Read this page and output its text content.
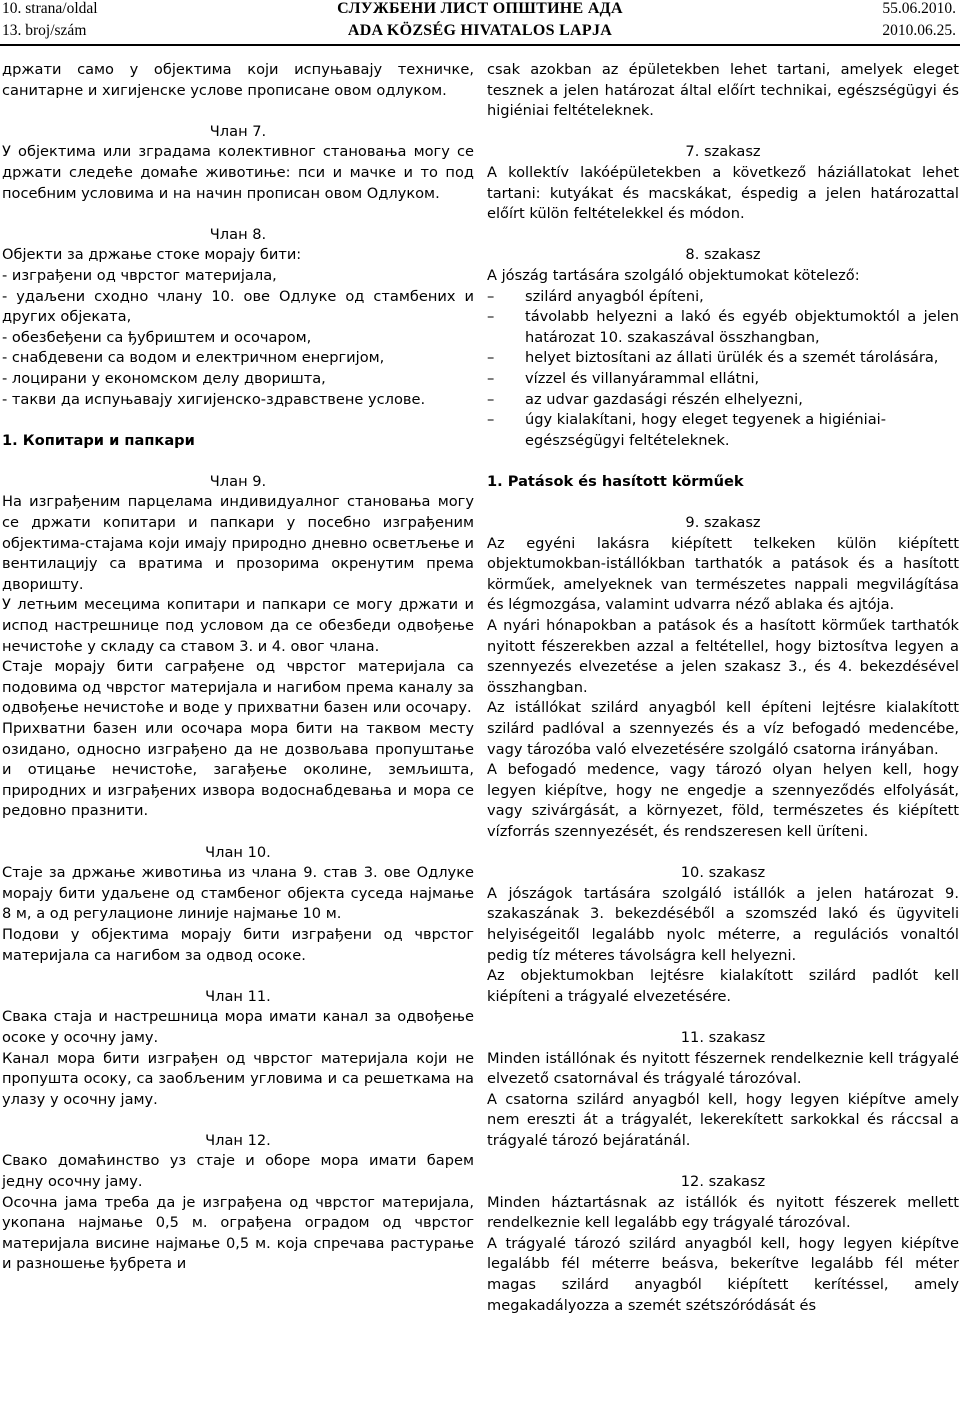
10. strana/oldal
13. broj/szám
СЛУЖБЕНИ ЛИСТ ОПШТИНЕ АДА
ADA KÖZSÉG HIVATALOS LAPJA
55.06.2010.
2010.06.25.

држати само у објектима који испуњавају техничке, санитарне и хигијенске услове прописане овом одлуком.

Члан 7.

У објектима или зградама колективног становања могу се држати следеће домаће животиње: пси и мачке и то под посебним условима и на начин прописан овом Одлуком.

Члан 8.

Објекти за држање стоке морају бити:

- изграђени од чврстог материјала,

- удаљени сходно члану 10. ове Одлуке од стамбених и других објеката,

- обезбеђени са ђубриштем и осочаром,

- снабдевени са водом и електричном енергијом,

- лоцирани у економском делу дворишта,

- такви да испуњавају хигијенско-здравствене услове.

1. Копитари и папкари

Члан 9.

На изграђеним парцелама индивидуалног становања могу се држати копитари и папкари у посебно изграђеним објектима-стајама који имају природно дневно осветљење и вентилацију са вратима и прозорима окренутим према дворишту.

У летњим месецима копитари и папкари се могу држати и испод настрешнице под условом да се обезбеди одвођење нечистоће у складу са ставом 3. и 4. овог члана.

Стаје морају бити саграђене од чврстог материјала са подовима од чврстог материјала и нагибом према каналу за одвођење нечистоће и воде у прихватни базен или осочару.

Прихватни базен или осочара мора бити на таквом месту озидано, односно изграђено да не дозвољава пропуштање и отицање нечистоће, загађење околине, земљишта, природних и изграђених извора водоснабдевања и мора се редовно празнити.

Члан 10.

Стаје за држање животиња из члана 9. став 3. ове Одлуке морају бити удаљене од стамбеног објекта суседа најмање 8 м, а од регулационе линије најмање 10 м.

Подови у објектима морају бити изграђени од чврстог материјала са нагибом за одвод осоке.

Члан 11.

Свака стаја и настрешница мора имати канал за одвођење осоке у осочну јаму.

Канал мора бити изграђен од чврстог материјала који не пропушта осоку, са заобљеним угловима и са решеткама на улазу у осочну јаму.

Члан 12.

Свако домаћинство уз стаје и оборе мора имати барем једну осочну јаму.

Осочна јама треба да је изграђена од чврстог материјала, укопана најмање 0,5 м. ограђена оградом од чврстог материјала висине најмање 0,5 м. која спречава растурање и разношење ђубрета и

csak azokban az épületekben lehet tartani, amelyek eleget tesznek a jelen határozat által előírt technikai, egészségügyi és higiéniai feltételeknek.

7. szakasz

A kollektív lakóépületekben a következő háziállatokat lehet tartani: kutyákat és macskákat, éspedig a jelen határozattal előírt külön feltételekkel és módon.

8. szakasz

A jószág tartására szolgáló objektumokat kötelező:

–	szilárd anyagból építeni,
–	távolabb helyezni a lakó és egyéb objektumoktól a jelen határozat 10. szakaszával összhangban,
–	helyet biztosítani az állati ürülék és a szemét tárolására,
–	vízzel és villanyárammal ellátni,
–	az udvar gazdasági részén elhelyezni,
–	úgy kialakítani, hogy eleget tegyenek a higiéniai-egészségügyi feltételeknek.

1. Patások és hasított körműek

9. szakasz

Az egyéni lakásra kiépített telkeken külön kiépített objektumokban-istállókban tarthatók a patások és a hasított körműek, amelyeknek van természetes nappali megvilágítása és légmozgása, valamint udvarra néző ablaka és ajtója.

A nyári hónapokban a patások és a hasított körműek tarthatók nyitott fészerekben azzal a feltétellel, hogy biztosítva legyen a szennyezés elvezetése a jelen szakasz 3., és 4. bekezdésével összhangban.

Az istállókat szilárd anyagból kell építeni lejtésre kialakított szilárd padlóval a szennyezés és a víz befogadó medencébe, vagy tározóba való elvezetésére szolgáló csatorna irányában.

A befogadó medence, vagy tározó olyan helyen kell, hogy legyen kiépítve, hogy ne engedje a szennyeződés elfolyását, vagy szivárgását, a környezet, föld, természetes és kiépített vízforrás szennyezését, és rendszeresen kell üríteni.

10. szakasz

A jószágok tartására szolgáló istállók a jelen határozat 9. szakaszának 3. bekezdéséből a szomszéd lakó és ügyviteli helyiségeitől legalább nyolc méterre, a regulációs vonaltól pedig tíz méteres távolságra kell helyezni.

Az objektumokban lejtésre kialakított szilárd padlót kell kiépíteni a trágyalé elvezetésére.

11. szakasz

Minden istállónak és nyitott fészernek rendelkeznie kell trágyalé elvezető csatornával és trágyalé tározóval.

A csatorna szilárd anyagból kell, hogy legyen kiépítve amely nem ereszti át a trágyalét, lekerekített sarkokkal és ráccsal a trágyalé tározó bejáratánál.

12. szakasz

Minden háztartásnak az istállók és nyitott fészerek mellett rendelkeznie kell legalább egy trágyalé tározóval.

A trágyalé tározó szilárd anyagból kell, hogy legyen kiépítve legalább fél méterre beásva, bekerítve legalább fél méter magas szilárd anyagból kiépített kerítéssel, amely megakadályozza a szemét szétszóródását és
